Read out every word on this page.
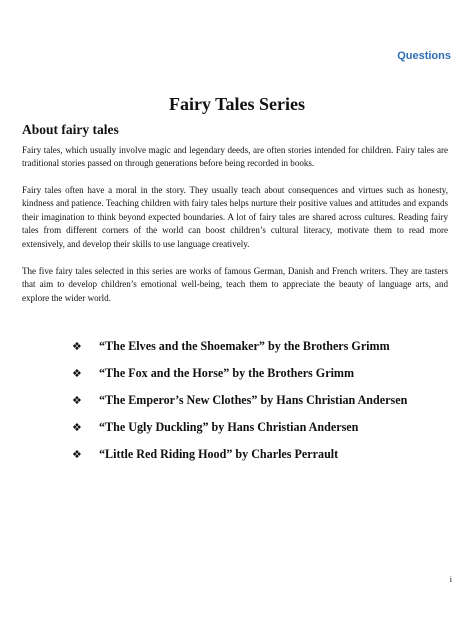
Questions
Fairy Tales Series
About fairy tales

Fairy tales, which usually involve magic and legendary deeds, are often stories intended for children. Fairy tales are traditional stories passed on through generations before being recorded in books.

Fairy tales often have a moral in the story. They usually teach about consequences and virtues such as honesty, kindness and patience. Teaching children with fairy tales helps nurture their positive values and attitudes and expands their imagination to think beyond expected boundaries. A lot of fairy tales are shared across cultures. Reading fairy tales from different corners of the world can boost children’s cultural literacy, motivate them to read more extensively, and develop their skills to use language creatively.

The five fairy tales selected in this series are works of famous German, Danish and French writers. They are tasters that aim to develop children’s emotional well-being, teach them to appreciate the beauty of language arts, and explore the wider world.

❖	“The Elves and the Shoemaker” by the Brothers Grimm
❖	“The Fox and the Horse” by the Brothers Grimm
❖	“The Emperor’s New Clothes” by Hans Christian Andersen
❖	“The Ugly Duckling” by Hans Christian Andersen
❖	“Little Red Riding Hood” by Charles Perrault
i
